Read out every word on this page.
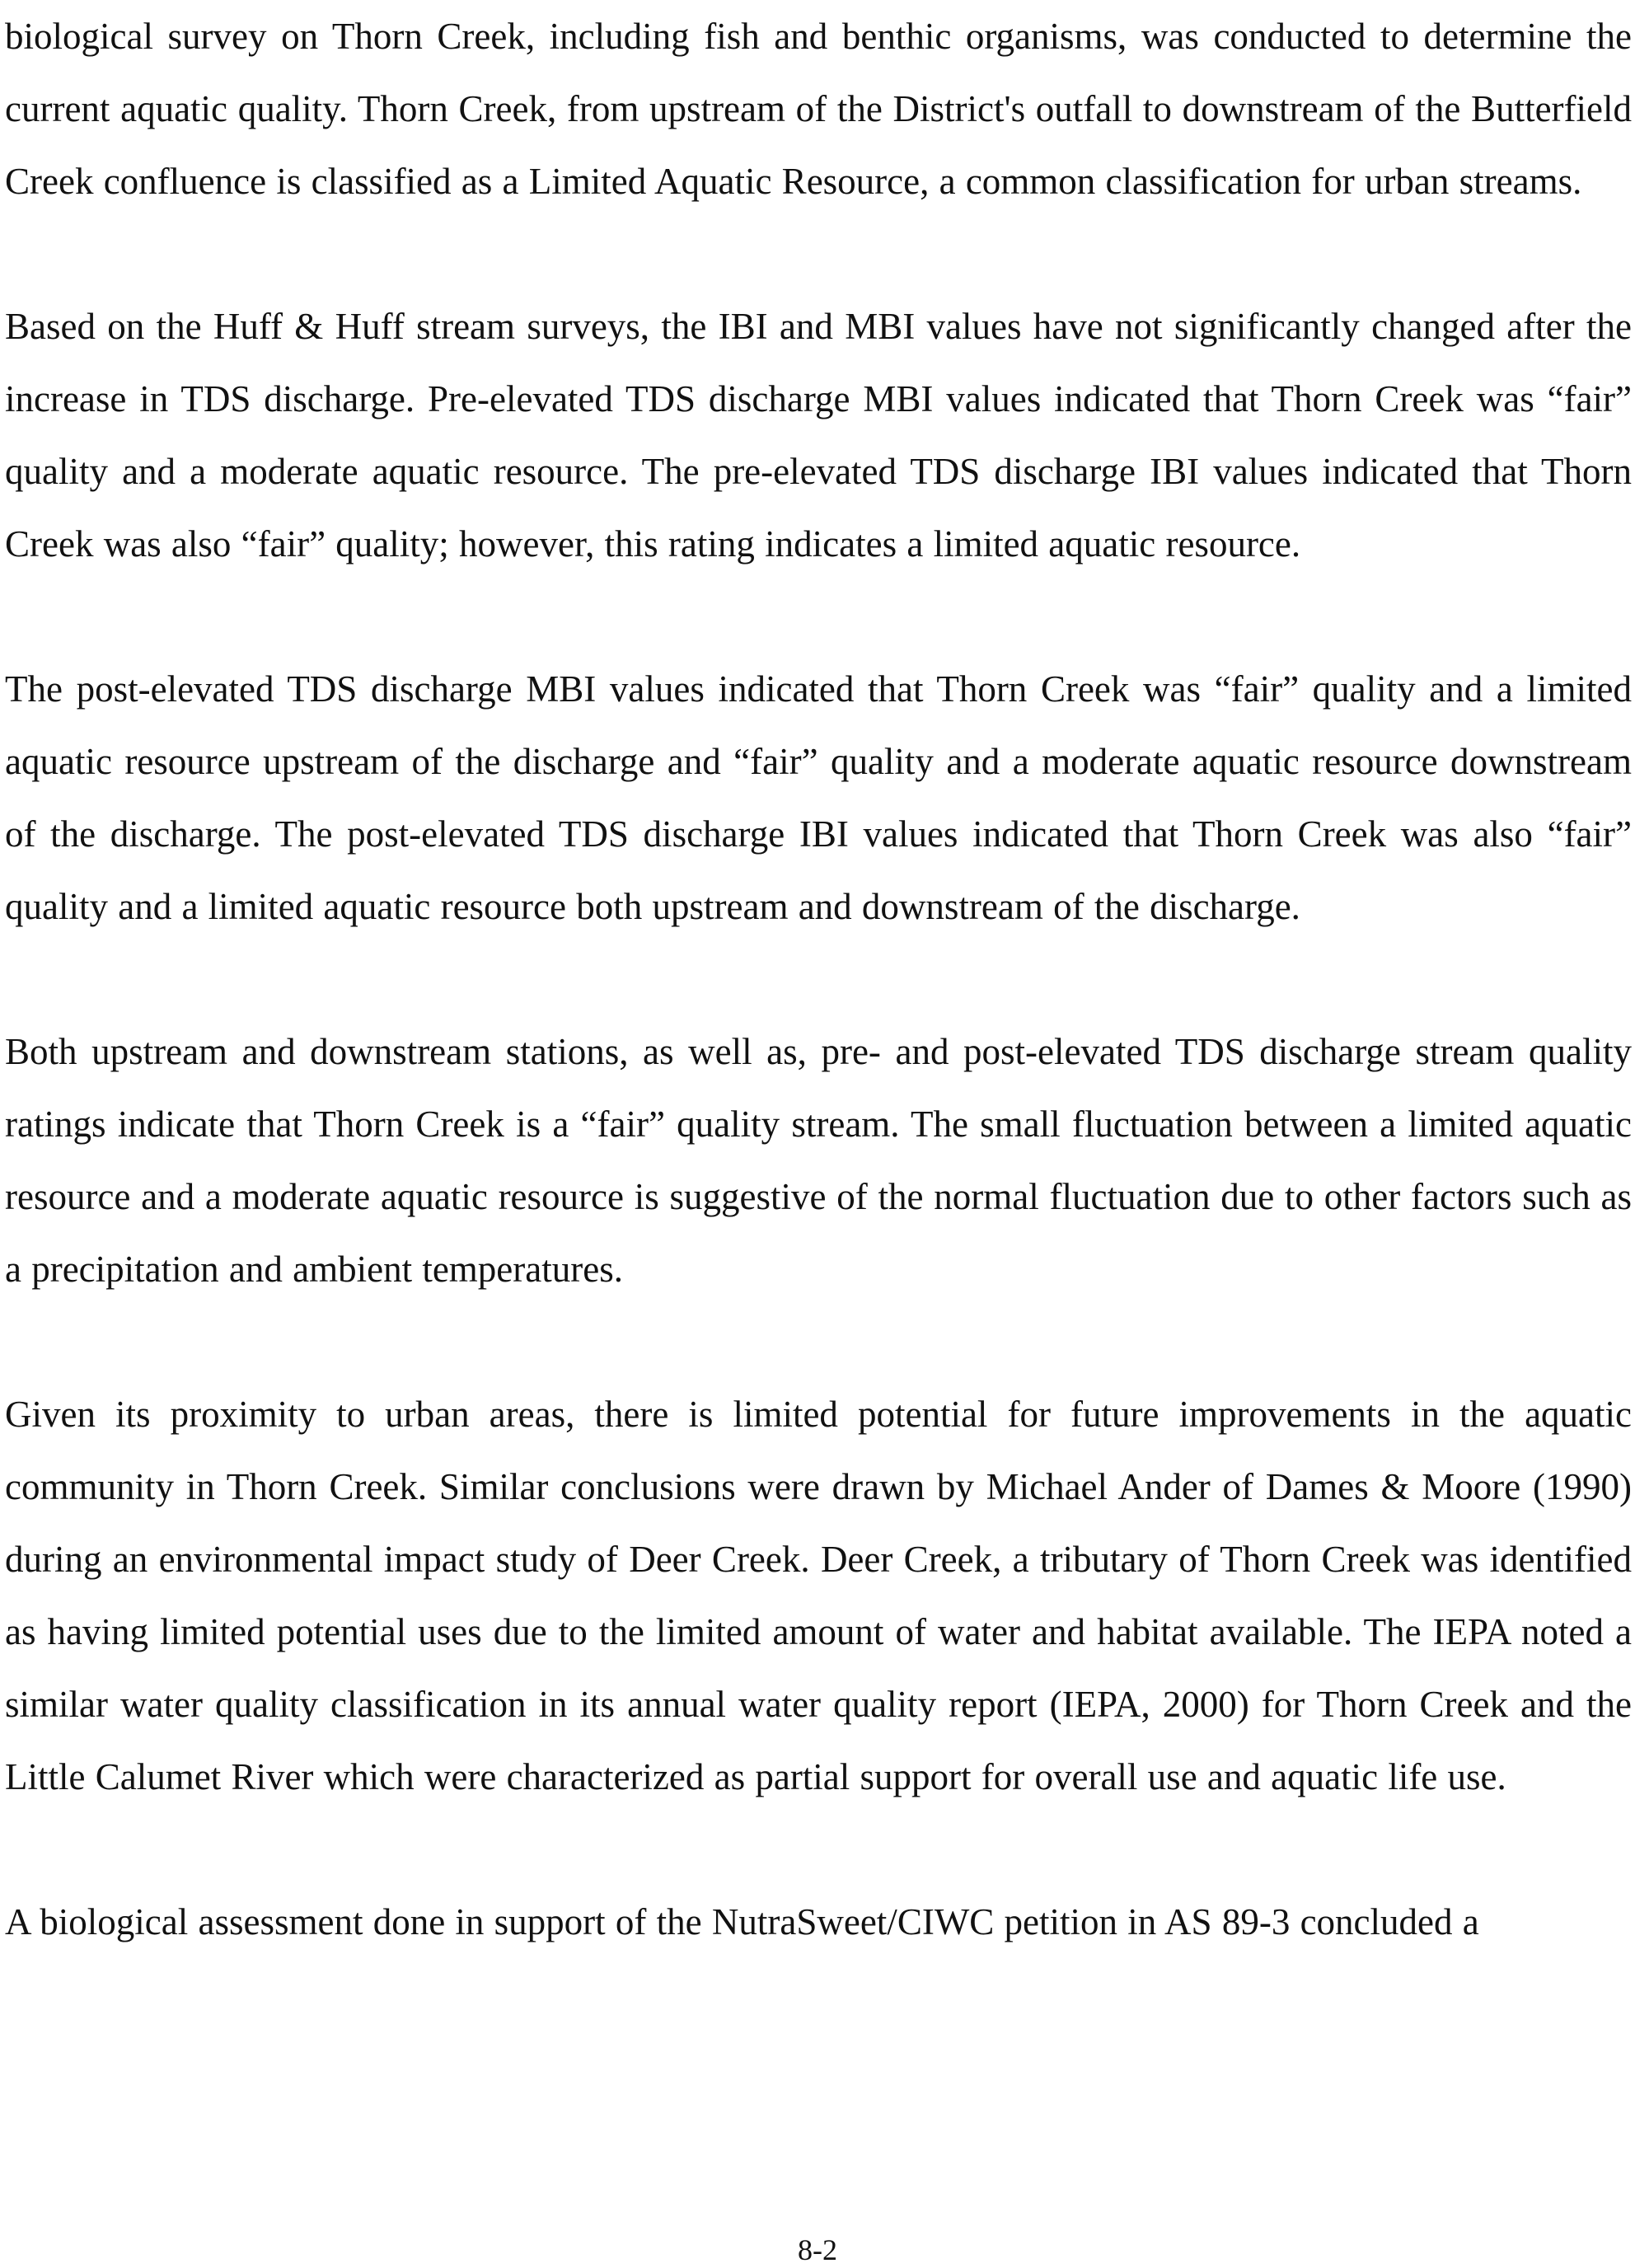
biological survey on Thorn Creek, including fish and benthic organisms, was conducted to determine the current aquatic quality. Thorn Creek, from upstream of the District's outfall to downstream of the Butterfield Creek confluence is classified as a Limited Aquatic Resource, a common classification for urban streams.

Based on the Huff & Huff stream surveys, the IBI and MBI values have not significantly changed after the increase in TDS discharge. Pre-elevated TDS discharge MBI values indicated that Thorn Creek was “fair” quality and a moderate aquatic resource. The pre-elevated TDS discharge IBI values indicated that Thorn Creek was also “fair” quality; however, this rating indicates a limited aquatic resource.

The post-elevated TDS discharge MBI values indicated that Thorn Creek was “fair” quality and a limited aquatic resource upstream of the discharge and “fair” quality and a moderate aquatic resource downstream of the discharge. The post-elevated TDS discharge IBI values indicated that Thorn Creek was also “fair” quality and a limited aquatic resource both upstream and downstream of the discharge.

Both upstream and downstream stations, as well as, pre- and post-elevated TDS discharge stream quality ratings indicate that Thorn Creek is a “fair” quality stream. The small fluctuation between a limited aquatic resource and a moderate aquatic resource is suggestive of the normal fluctuation due to other factors such as a precipitation and ambient temperatures.

Given its proximity to urban areas, there is limited potential for future improvements in the aquatic community in Thorn Creek. Similar conclusions were drawn by Michael Ander of Dames & Moore (1990) during an environmental impact study of Deer Creek. Deer Creek, a tributary of Thorn Creek was identified as having limited potential uses due to the limited amount of water and habitat available. The IEPA noted a similar water quality classification in its annual water quality report (IEPA, 2000) for Thorn Creek and the Little Calumet River which were characterized as partial support for overall use and aquatic life use.

A biological assessment done in support of the NutraSweet/CIWC petition in AS 89-3 concluded a

8-2
